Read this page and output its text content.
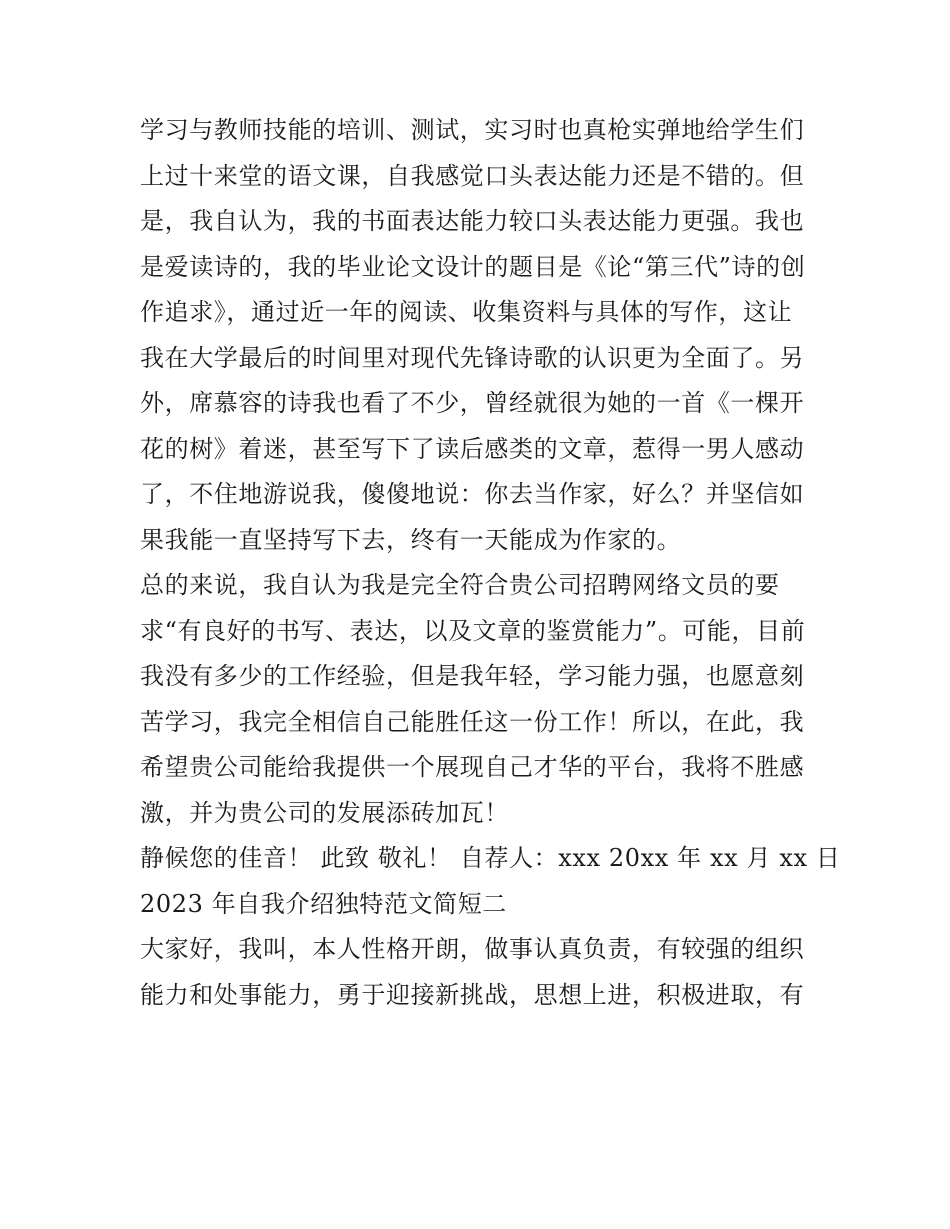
学习与教师技能的培训、测试，实习时也真枪实弹地给学生们
上过十来堂的语文课，自我感觉口头表达能力还是不错的。但
是，我自认为，我的书面表达能力较口头表达能力更强。我也
是爱读诗的，我的毕业论文设计的题目是《论“第三代”诗的创
作追求》，通过近一年的阅读、收集资料与具体的写作，这让
我在大学最后的时间里对现代先锋诗歌的认识更为全面了。另
外，席慕容的诗我也看了不少，曾经就很为她的一首《一棵开
花的树》着迷，甚至写下了读后感类的文章，惹得一男人感动
了，不住地游说我，傻傻地说：你去当作家，好么？并坚信如
果我能一直坚持写下去，终有一天能成为作家的。
总的来说，我自认为我是完全符合贵公司招聘网络文员的要
求“有良好的书写、表达，以及文章的鉴赏能力”。可能，目前
我没有多少的工作经验，但是我年轻，学习能力强，也愿意刻
苦学习，我完全相信自己能胜任这一份工作！所以，在此，我
希望贵公司能给我提供一个展现自己才华的平台，我将不胜感
激，并为贵公司的发展添砖加瓦！
静候您的佳音！ 此致 敬礼！ 自荐人：xxx 20xx 年 xx 月 xx 日
2023 年自我介绍独特范文简短二
大家好，我叫，本人性格开朗，做事认真负责，有较强的组织
能力和处事能力，勇于迎接新挑战，思想上进，积极进取，有
